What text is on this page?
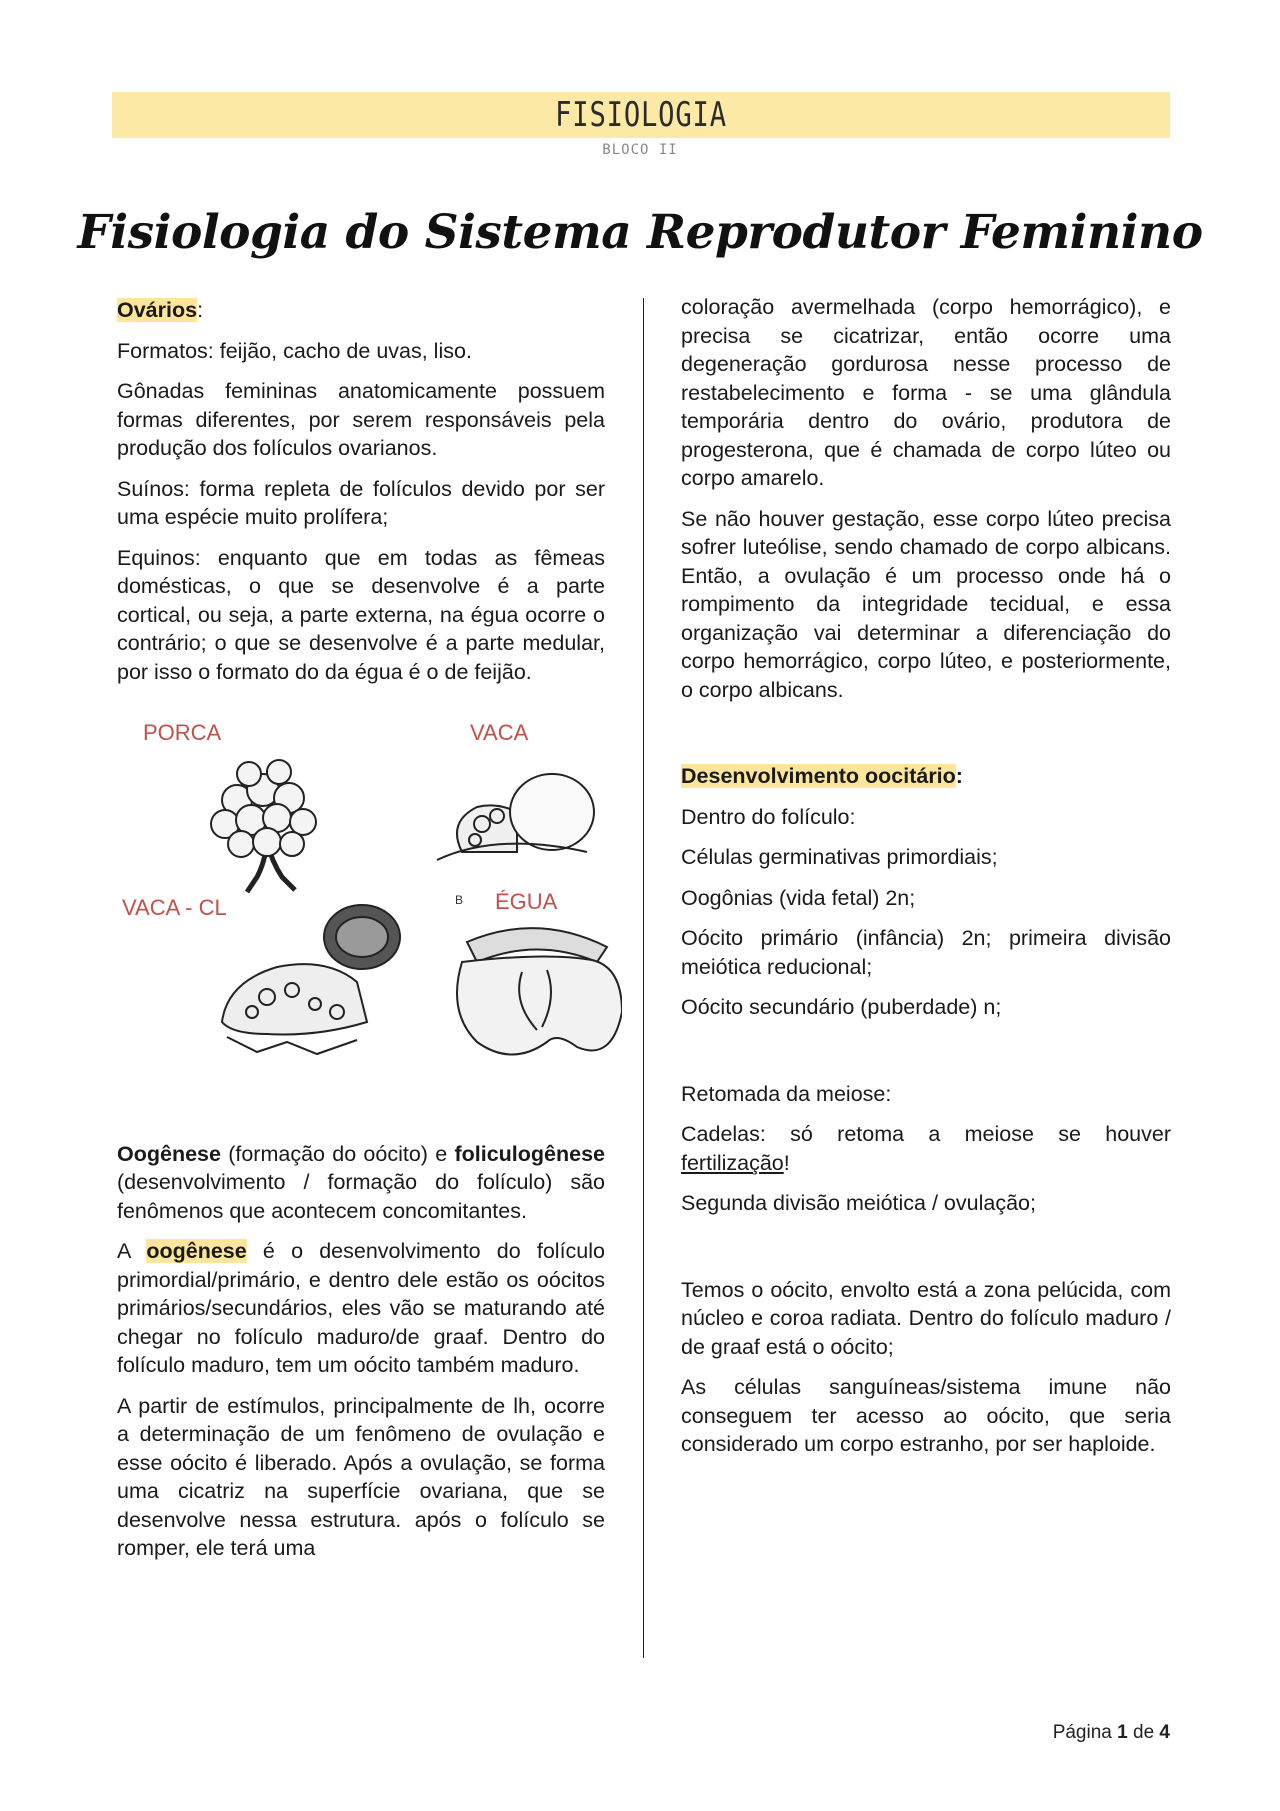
FISIOLOGIA
BLOCO II
Fisiologia do Sistema Reprodutor Feminino

Ovários:

Formatos: feijão, cacho de uvas, liso.

Gônadas femininas anatomicamente possuem formas diferentes, por serem responsáveis pela produção dos folículos ovarianos.

Suínos: forma repleta de folículos devido por ser uma espécie muito prolífera;

Equinos: enquanto que em todas as fêmeas domésticas, o que se desenvolve é a parte cortical, ou seja, a parte externa, na égua ocorre o contrário; o que se desenvolve é a parte medular, por isso o formato do da égua é o de feijão.

PORCA	VACA
VACA - CL	B ÉGUA

Oogênese (formação do oócito) e foliculogênese (desenvolvimento / formação do folículo) são fenômenos que acontecem concomitantes.

A oogênese é o desenvolvimento do folículo primordial/primário, e dentro dele estão os oócitos primários/secundários, eles vão se maturando até chegar no folículo maduro/de graaf. Dentro do folículo maduro, tem um oócito também maduro.

A partir de estímulos, principalmente de lh, ocorre a determinação de um fenômeno de ovulação e esse oócito é liberado. Após a ovulação, se forma uma cicatriz na superfície ovariana, que se desenvolve nessa estrutura. após o folículo se romper, ele terá uma

coloração avermelhada (corpo hemorrágico), e precisa se cicatrizar, então ocorre uma degeneração gordurosa nesse processo de restabelecimento e forma - se uma glândula temporária dentro do ovário, produtora de progesterona, que é chamada de corpo lúteo ou corpo amarelo.

Se não houver gestação, esse corpo lúteo precisa sofrer luteólise, sendo chamado de corpo albicans. Então, a ovulação é um processo onde há o rompimento da integridade tecidual, e essa organização vai determinar a diferenciação do corpo hemorrágico, corpo lúteo, e posteriormente, o corpo albicans.

Desenvolvimento oocitário:

Dentro do folículo:

Células germinativas primordiais;

Oogônias (vida fetal) 2n;

Oócito primário (infância) 2n; primeira divisão meiótica reducional;

Oócito secundário (puberdade) n;

Retomada da meiose:

Cadelas: só retoma a meiose se houver fertilização!

Segunda divisão meiótica / ovulação;

Temos o oócito, envolto está a zona pelúcida, com núcleo e coroa radiata. Dentro do folículo maduro / de graaf está o oócito;

As células sanguíneas/sistema imune não conseguem ter acesso ao oócito, que seria considerado um corpo estranho, por ser haploide.

Página 1 de 4
